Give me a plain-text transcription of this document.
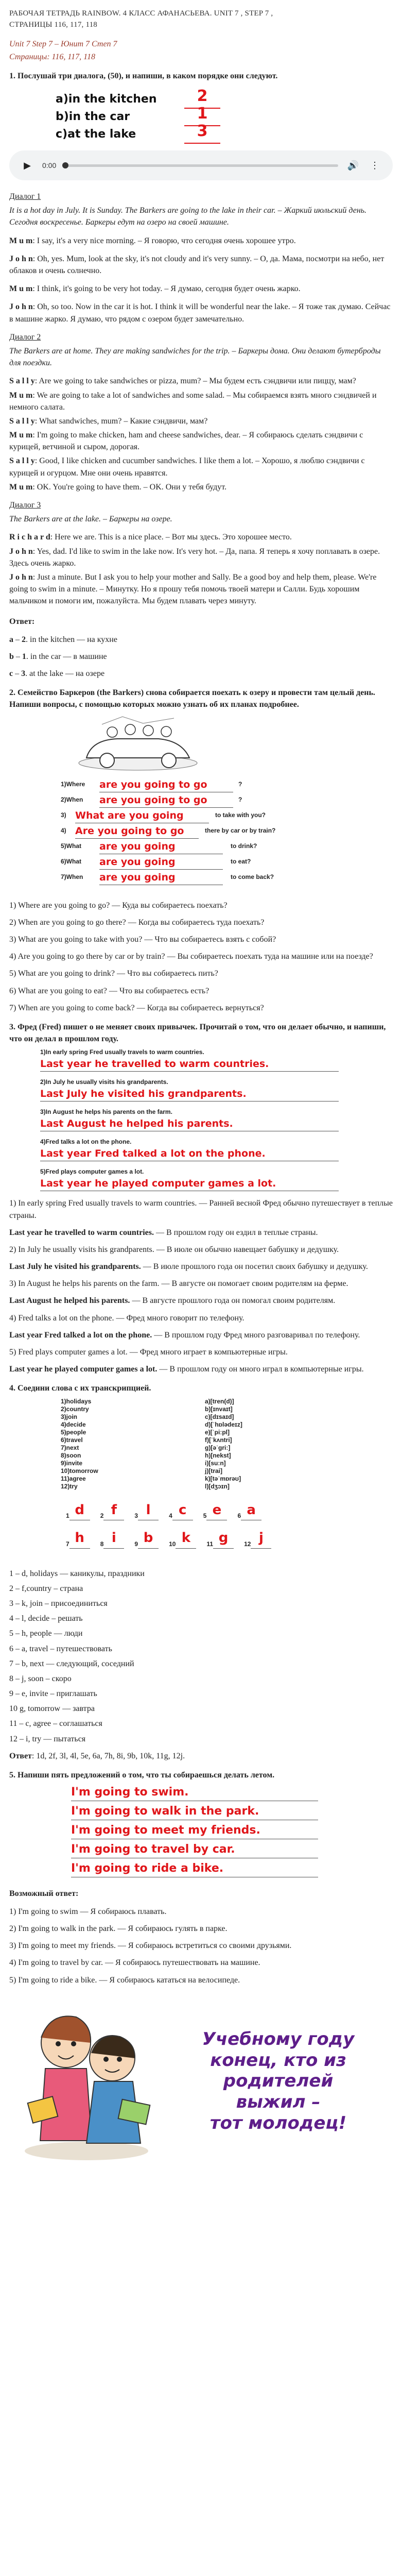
РАБОЧАЯ ТЕТРАДЬ RAINBOW. 4 КЛАСС АФАНАСЬЕВА. UNIT 7 , STEP 7 ,
СТРАНИЦЫ 116, 117, 118
Unit 7 Step 7 – Юнит 7 Степ 7
Страницы: 116, 117, 118
1. Послушай три диалога, (50), и напиши, в каком порядке они следуют.
a)in the kitchen	2
b)in the car	1
c)at the lake	3
▶	0:00	🔊 ⋮
Диалог 1

It is a hot day in July. It is Sunday. The Barkers are going to the lake in their car. – Жаркий июльский день. Сегодня воскресенье. Баркеры едут на озеро на своей машине.

M u m: I say, it's a very nice morning. – Я говорю, что сегодня очень хорошее утро.

J o h n: Oh, yes. Mum, look at the sky, it's not cloudy and it's very sunny. – О, да. Мама, посмотри на небо, нет облаков и очень солнечно.

M u m: I think, it's going to be very hot today. – Я думаю, сегодня будет очень жарко.

J o h n: Oh, so too. Now in the car it is hot. I think it will be wonderful near the lake. – Я тоже так думаю. Сейчас в машине жарко. Я думаю, что рядом с озером будет замечательно.

Диалог 2

The Barkers are at home. They are making sandwiches for the trip. – Баркеры дома. Они делают бутерброды для поездки.

S a l l y: Are we going to take sandwiches or pizza, mum? – Мы будем есть сэндвичи или пиццу, мам?

M u m: We are going to take a lot of sandwiches and some salad. – Мы собираемся взять много сэндвичей и немного салата.

S a l l y: What sandwiches, mum? – Какие сэндвичи, мам?

M u m: I'm going to make chicken, ham and cheese sandwiches, dear. – Я собираюсь сделать сэндвичи с курицей, ветчиной и сыром, дорогая.

S a l l y: Good, I like chicken and cucumber sandwiches. I like them a lot. – Хорошо, я люблю сэндвичи с курицей и огурцом. Мне они очень нравятся.

M u m: OK. You're going to have them. – OK. Они у тебя будут.

Диалог 3

The Barkers are at the lake. – Баркеры на озере.

R i c h a r d: Here we are. This is a nice place. – Вот мы здесь. Это хорошее место.

J o h n: Yes, dad. I'd like to swim in the lake now. It's very hot. – Да, папа. Я теперь я хочу поплавать в озере. Здесь очень жарко.

J o h n: Just a minute. But I ask you to help your mother and Sally. Be a good boy and help them, please. We're going to swim in a minute. – Минутку. Но я прошу тебя помочь твоей матери и Салли. Будь хорошим мальчиком и помоги им, пожалуйста. Мы будем плавать через минуту.

Ответ:

a – 2. in the kitchen — на кухне

b – 1. in the car — в машине

c – 3. at the lake — на озере

2. Семейство Баркеров (the Barkers) снова собирается поехать к озеру и провести там целый день. Напиши вопросы, с помощью которых можно узнать об их планах подробнее.
1)Where are you going to go	?
2)When are you going to go	?
3) What are you going	to take with you?
4) Are you going to go	there by car or by train?
5)What are you going	to drink?
6)What are you going	to eat?
7)When are you going	to come back?

1) Where are you going to go? — Куда вы собираетесь поехать?

2) When are you going to go there? — Когда вы собираетесь туда поехать?

3) What are you going to take with you? — Что вы собираетесь взять с собой?

4) Are you going to go there by car or by train? — Вы собираетесь поехать туда на машине или на поезде?

5) What are you going to drink? — Что вы собираетесь пить?

6) What are you going to eat? — Что вы собираетесь есть?

7) When are you going to come back? — Когда вы собираетесь вернуться?

3. Фред (Fred) пишет о не меняет своих привычек. Прочитай о том, что он делает обычно, и напиши, что он делал в прошлом году.
1)In early spring Fred usually travels to warm countries.
Last year he travelled to warm countries.
2)In July he usually visits his grandparents.
Last July he visited his grandparents.
3)In August he helps his parents on the farm.
Last August he helped his parents.
4)Fred talks a lot on the phone.
Last year Fred talked a lot on the phone.
5)Fred plays computer games a lot.
Last year he played computer games a lot.

1) In early spring Fred usually travels to warm countries. — Ранней весной Фред обычно путешествует в теплые страны.

Last year he travelled to warm countries. — В прошлом году он ездил в теплые страны.

2) In July he usually visits his grandparents. — В июле он обычно навещает бабушку и дедушку.

Last July he visited his grandparents. — В июле прошлого года он посетил своих бабушку и дедушку.

3) In August he helps his parents on the farm. — В августе он помогает своим родителям на ферме.

Last August he helped his parents. — В августе прошлого года он помогал своим родителям.

4) Fred talks a lot on the phone. — Фред много говорит по телефону.

Last year Fred talked a lot on the phone. — В прошлом году Фред много разговаривал по телефону.

5) Fred plays computer games a lot. — Фред много играет в компьютерные игры.

Last year he played computer games a lot. — В прошлом году он много играл в компьютерные игры.

4. Соедини слова с их транскрипцией.
1)holidays
2)country
3)join
4)decide
5)people
6)travel
7)next
8)soon
9)invite
10)tomorrow
11)agree
12)try
a)[tren(d)]
b)[ɪnvaɪt]
c)[dɪsaɪd]
d)[ˈhɒlədeɪz]
e)[ˈpiːpl]
f)[ˈkʌntri]
g)[əˈɡriː]
h)[nekst]
i)[suːn]
j)[trai]
k)[təˈmɒrəʊ]
l)[dʒɔɪn]
1 d	2 f	3 l	4 c	5 e	6 a
7 h	8 i	9 b	10 k	11 g	12 j

1 – d, holidays — каникулы, праздники

2 – f,country – страна

3 – k, join – присоединиться

4 – l, decide – решать

5 – h, people — люди

6 – a, travel – путешествовать

7 – b, next — следующий, соседний

8 – j, soon – скоро

9 – e, invite – приглашать

10 g, tomorrow — завтра

11 – c, agree – соглашаться

12 – i, try — пытаться

Ответ: 1d, 2f, 3l, 4l, 5e, 6a, 7h, 8i, 9b, 10k, 11g, 12j.

5. Напиши пять предложений о том, что ты собираешься делать летом.
I'm going to swim.
I'm going to walk in the park.
I'm going to meet my friends.
I'm going to travel by car.
I'm going to ride a bike.

Возможный ответ:

1) I'm going to swim — Я собираюсь плавать.

2) I'm going to walk in the park. — Я собираюсь гулять в парке.

3) I'm going to meet my friends. — Я собираюсь встретиться со своими друзьями.

4) I'm going to travel by car. — Я собираюсь путешествовать на машине.

5) I'm going to ride a bike. — Я собираюсь кататься на велосипеде.

Учебному году
конец, кто из
родителей
выжил –
тот молодец!
